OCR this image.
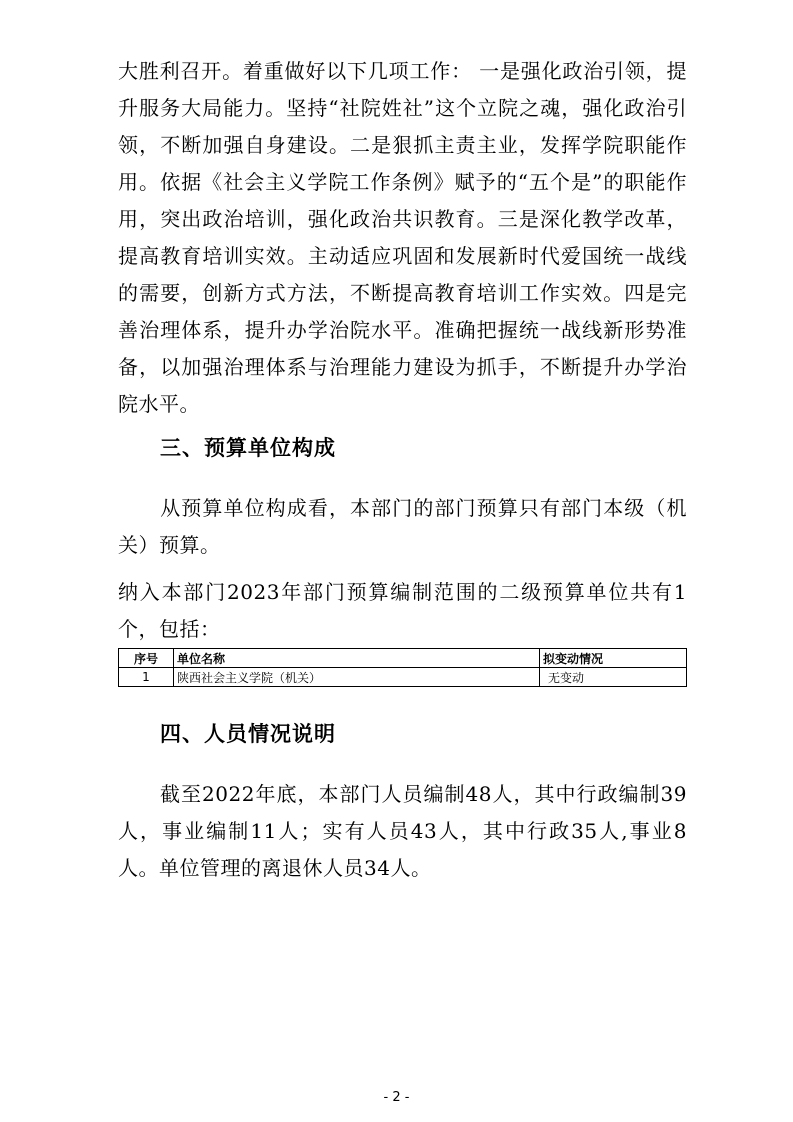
大胜利召开。着重做好以下几项工作： 一是强化政治引领，提升服务大局能力。坚持“社院姓社”这个立院之魂，强化政治引领，不断加强自身建设。二是狠抓主责主业，发挥学院职能作用。依据《社会主义学院工作条例》赋予的“五个是”的职能作用，突出政治培训，强化政治共识教育。三是深化教学改革，提高教育培训实效。主动适应巩固和发展新时代爱国统一战线的需要，创新方式方法，不断提高教育培训工作实效。四是完善治理体系，提升办学治院水平。准确把握统一战线新形势准备，以加强治理体系与治理能力建设为抓手，不断提升办学治院水平。

三、预算单位构成

　　从预算单位构成看，本部门的部门预算只有部门本级（机关）预算。

纳入本部门2023年部门预算编制范围的二级预算单位共有1个，包括：

序号	单位名称	拟变动情况
1	陕西社会主义学院（机关）	无变动
四、人员情况说明

　　截至2022年底，本部门人员编制48人，其中行政编制39人，事业编制11人；实有人员43人，其中行政35人,事业8人。单位管理的离退休人员34人。

- 2 -
